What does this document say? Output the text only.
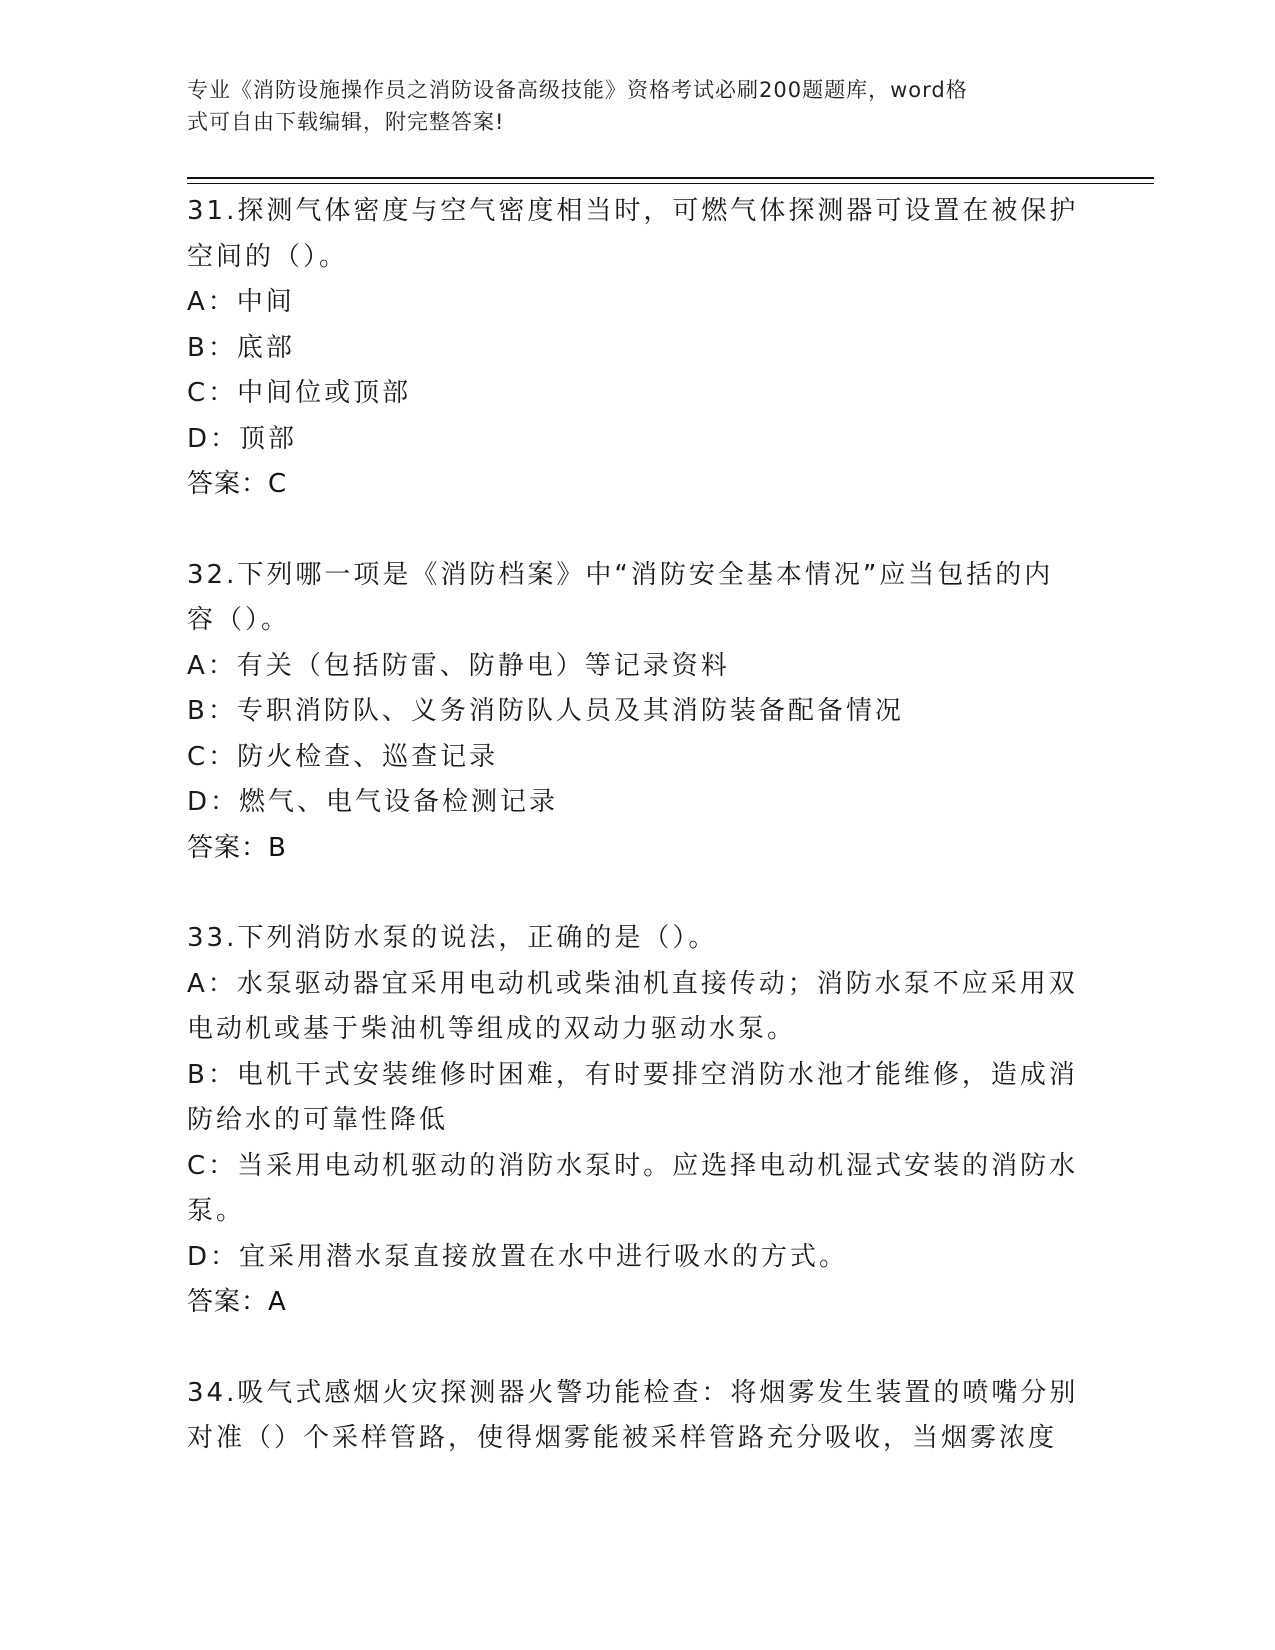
专业《消防设施操作员之消防设备高级技能》资格考试必刷200题题库，word格
式可自由下载编辑，附完整答案!
31.探测气体密度与空气密度相当时，可燃气体探测器可设置在被保护
空间的（）。
A：中间
B：底部
C：中间位或顶部
D：顶部
答案：C
32.下列哪一项是《消防档案》中“消防安全基本情况”应当包括的内
容（）。
A：有关（包括防雷、防静电）等记录资料
B：专职消防队、义务消防队人员及其消防装备配备情况
C：防火检查、巡查记录
D：燃气、电气设备检测记录
答案：B
33.下列消防水泵的说法，正确的是（）。
A：水泵驱动器宜采用电动机或柴油机直接传动；消防水泵不应采用双
电动机或基于柴油机等组成的双动力驱动水泵。
B：电机干式安装维修时困难，有时要排空消防水池才能维修，造成消
防给水的可靠性降低
C：当采用电动机驱动的消防水泵时。应选择电动机湿式安装的消防水
泵。
D：宜采用潜水泵直接放置在水中进行吸水的方式。
答案：A
34.吸气式感烟火灾探测器火警功能检查：将烟雾发生装置的喷嘴分别
对准（）个采样管路，使得烟雾能被采样管路充分吸收，当烟雾浓度
